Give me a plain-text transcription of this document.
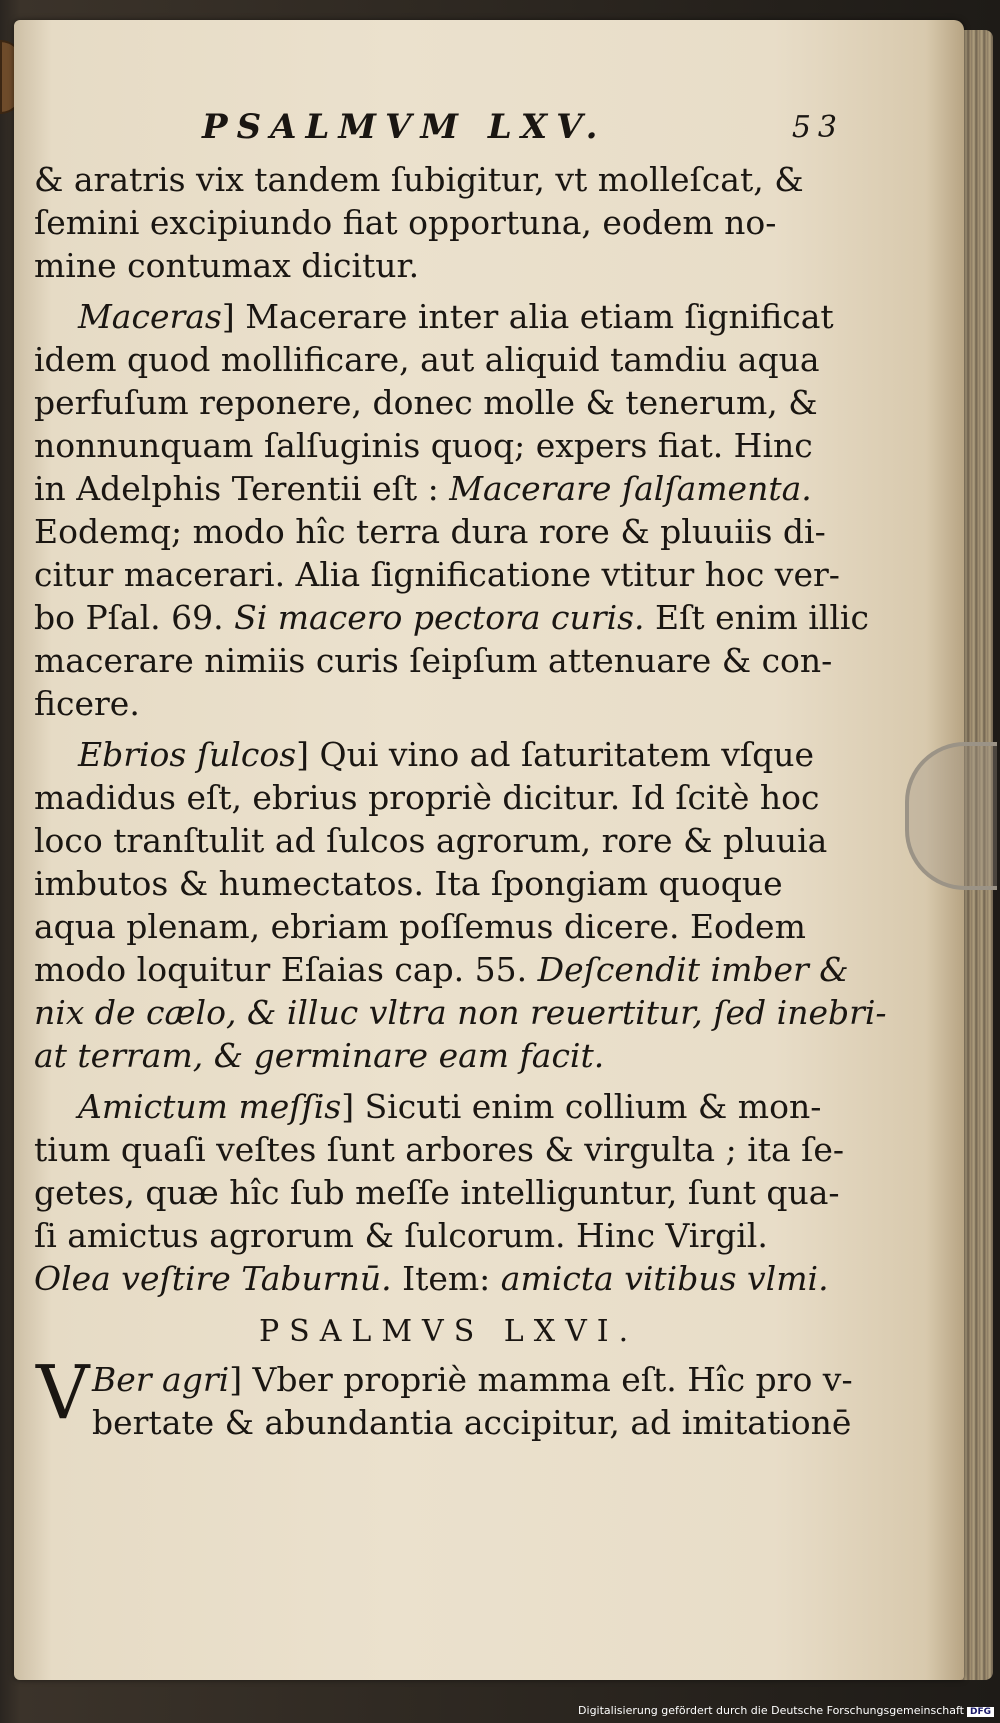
PSALMVM LXV.	53
& aratris vix tandem ſubigitur, vt molleſcat, &
ſemini excipiundo fiat opportuna, eodem no-
mine contumax dicitur.
Maceras] Macerare inter alia etiam ſignificat
idem quod mollificare, aut aliquid tamdiu aqua
perfuſum reponere, donec molle & tenerum, &
nonnunquam ſalſuginis quoq; expers fiat. Hinc
in Adelphis Terentii eſt : Macerare ſalſamenta.
Eodemq; modo hîc terra dura rore & pluuiis di-
citur macerari. Alia ſignificatione vtitur hoc ver-
bo Pſal. 69. Si macero pectora curis. Eſt enim illic
macerare nimiis curis ſeipſum attenuare & con-
ficere.
Ebrios ſulcos] Qui vino ad ſaturitatem vſque
madidus eſt, ebrius propriè dicitur. Id ſcitè hoc
loco tranſtulit ad ſulcos agrorum, rore & pluuia
imbutos & humectatos. Ita ſpongiam quoque
aqua plenam, ebriam poſſemus dicere. Eodem
modo loquitur Eſaias cap. 55. Deſcendit imber &
nix de cælo, & illuc vltra non reuertitur, ſed inebri-
at terram, & germinare eam facit.
Amictum meſſis] Sicuti enim collium & mon-
tium quaſi veſtes ſunt arbores & virgulta ; ita ſe-
getes, quæ hîc ſub meſſe intelliguntur, ſunt qua-
ſi amictus agrorum & ſulcorum. Hinc Virgil.
Olea veſtire Taburnū. Item: amicta vitibus vlmi.
PSALMVS LXVI.
V Ber agri] Vber propriè mamma eſt. Hîc pro v-
bertate & abundantia accipitur, ad imitationē
Digitalisierung gefördert durch die Deutsche Forschungsgemeinschaft DFG
